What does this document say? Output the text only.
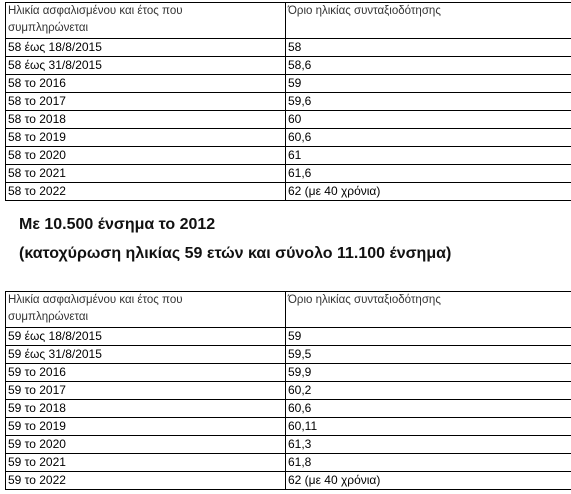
Ηλικία ασφαλισμένου και έτος που συμπληρώνεται	Όριο ηλικίας συνταξιοδότησης
58 έως 18/8/2015	58
58 έως 31/8/2015	58,6
58 το 2016	59
58 το 2017	59,6
58 το 2018	60
58 το 2019	60,6
58 το 2020	61
58 το 2021	61,6
58 το 2022	62 (με 40 χρόνια)
Με 10.500 ένσημα το 2012
(κατοχύρωση ηλικίας 59 ετών και σύνολο 11.100 ένσημα)
Ηλικία ασφαλισμένου και έτος που συμπληρώνεται	Όριο ηλικίας συνταξιοδότησης
59 έως 18/8/2015	59
59 έως 31/8/2015	59,5
59 το 2016	59,9
59 το 2017	60,2
59 το 2018	60,6
59 το 2019	60,11
59 το 2020	61,3
59 το 2021	61,8
59 το 2022	62 (με 40 χρόνια)
